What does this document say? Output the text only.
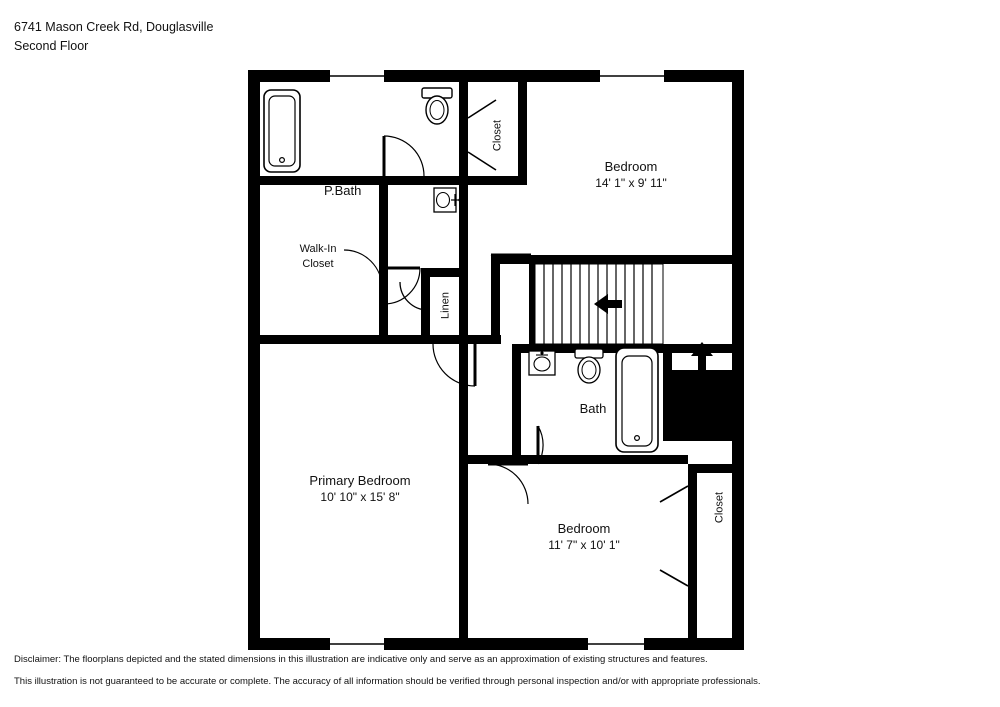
6741 Mason Creek Rd, Douglasville
Second Floor
P.Bath
Closet
Bedroom
14' 1" x 9' 11"
Walk-In
Closet
Linen
Bath
Primary Bedroom
10' 10" x 15' 8"
Bedroom
11' 7" x 10' 1"
Closet
Disclaimer: The floorplans depicted and the stated dimensions in this illustration are indicative only and serve as an approximation of existing structures and features.
This illustration is not guaranteed to be accurate or complete. The accuracy of all information should be verified through personal inspection and/or with appropriate professionals.
